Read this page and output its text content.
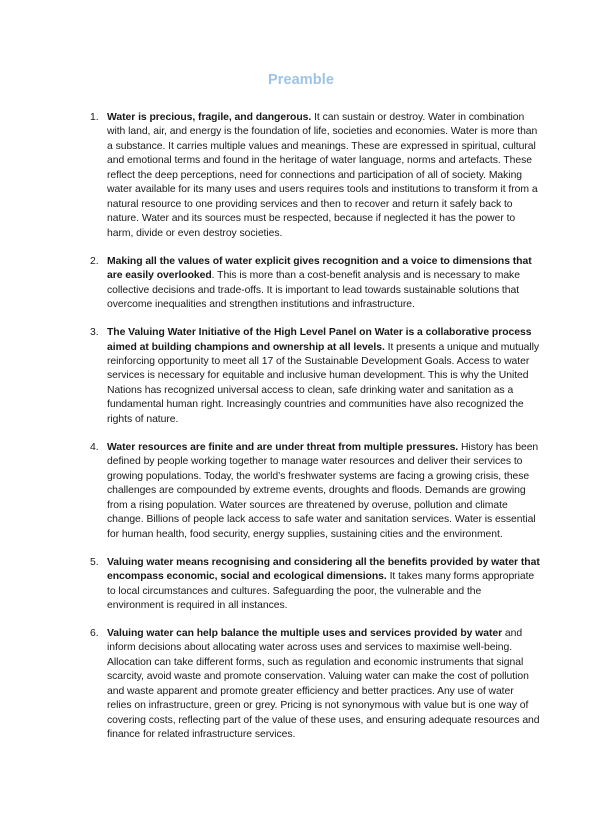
Preamble
1. Water is precious, fragile, and dangerous. It can sustain or destroy. Water in combination with land, air, and energy is the foundation of life, societies and economies. Water is more than a substance. It carries multiple values and meanings. These are expressed in spiritual, cultural and emotional terms and found in the heritage of water language, norms and artefacts. These reflect the deep perceptions, need for connections and participation of all of society. Making water available for its many uses and users requires tools and institutions to transform it from a natural resource to one providing services and then to recover and return it safely back to nature. Water and its sources must be respected, because if neglected it has the power to harm, divide or even destroy societies.
2. Making all the values of water explicit gives recognition and a voice to dimensions that are easily overlooked. This is more than a cost-benefit analysis and is necessary to make collective decisions and trade-offs. It is important to lead towards sustainable solutions that overcome inequalities and strengthen institutions and infrastructure.
3. The Valuing Water Initiative of the High Level Panel on Water is a collaborative process aimed at building champions and ownership at all levels. It presents a unique and mutually reinforcing opportunity to meet all 17 of the Sustainable Development Goals. Access to water services is necessary for equitable and inclusive human development. This is why the United Nations has recognized universal access to clean, safe drinking water and sanitation as a fundamental human right. Increasingly countries and communities have also recognized the rights of nature.
4. Water resources are finite and are under threat from multiple pressures. History has been defined by people working together to manage water resources and deliver their services to growing populations. Today, the world’s freshwater systems are facing a growing crisis, these challenges are compounded by extreme events, droughts and floods. Demands are growing from a rising population. Water sources are threatened by overuse, pollution and climate change. Billions of people lack access to safe water and sanitation services. Water is essential for human health, food security, energy supplies, sustaining cities and the environment.
5. Valuing water means recognising and considering all the benefits provided by water that encompass economic, social and ecological dimensions. It takes many forms appropriate to local circumstances and cultures. Safeguarding the poor, the vulnerable and the environment is required in all instances.
6. Valuing water can help balance the multiple uses and services provided by water and inform decisions about allocating water across uses and services to maximise well-being. Allocation can take different forms, such as regulation and economic instruments that signal scarcity, avoid waste and promote conservation. Valuing water can make the cost of pollution and waste apparent and promote greater efficiency and better practices. Any use of water relies on infrastructure, green or grey. Pricing is not synonymous with value but is one way of covering costs, reflecting part of the value of these uses, and ensuring adequate resources and finance for related infrastructure services.
